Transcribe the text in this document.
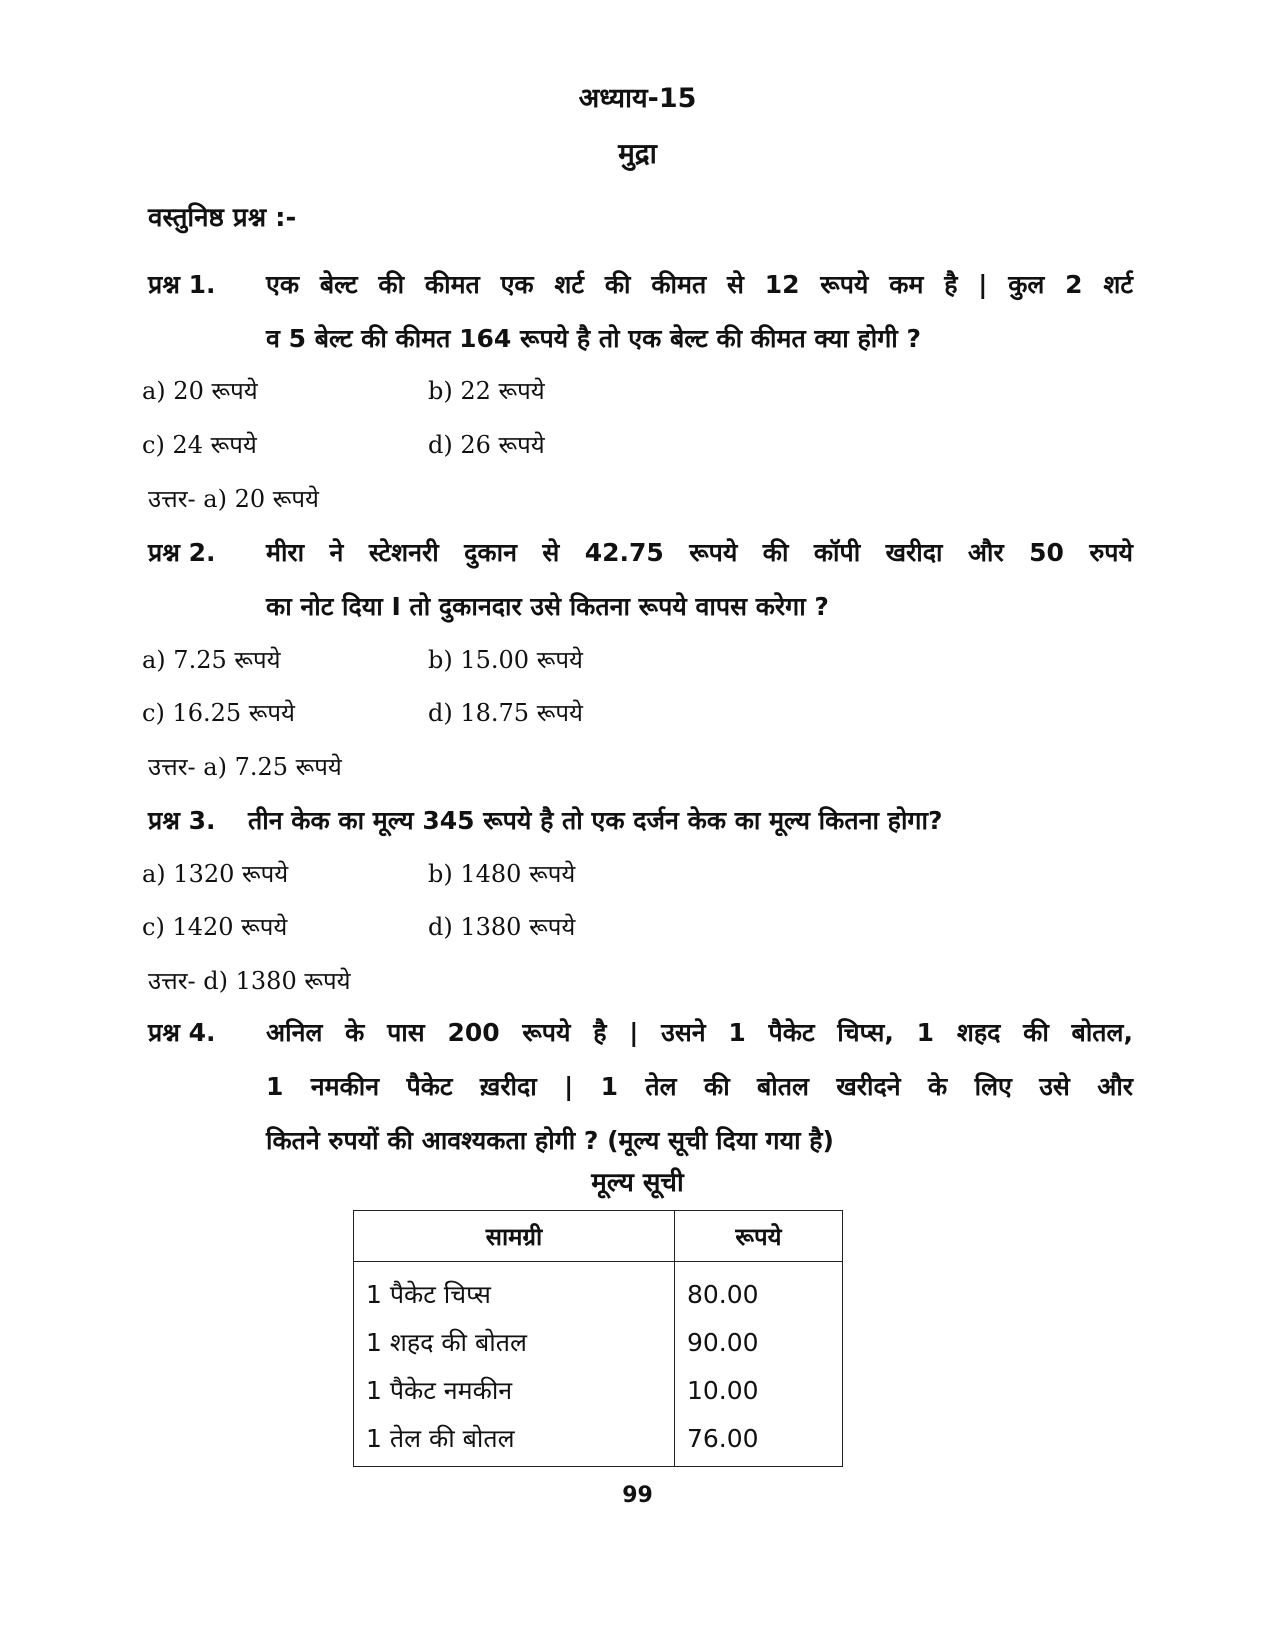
अध्याय-15
मुद्रा
वस्तुनिष्ठ प्रश्न :-
प्रश्न 1. एक बेल्ट की कीमत एक शर्ट की कीमत से 12 रूपये कम है | कुल 2 शर्ट
व 5 बेल्ट की कीमत 164 रूपये है तो एक बेल्ट की कीमत क्या होगी ?
a) 20 रूपये	b) 22 रूपये
c) 24 रूपये	d) 26 रूपये
उत्तर- a) 20 रूपये
प्रश्न 2. मीरा ने स्टेशनरी दुकान से 42.75 रूपये की कॉपी खरीदा और 50 रुपये
का नोट दिया I तो दुकानदार उसे कितना रूपये वापस करेगा ?
a) 7.25 रूपये	b) 15.00 रूपये
c) 16.25 रूपये	d) 18.75 रूपये
उत्तर- a) 7.25 रूपये
प्रश्न 3. तीन केक का मूल्य 345 रूपये है तो एक दर्जन केक का मूल्य कितना होगा?
a) 1320 रूपये	b) 1480 रूपये
c) 1420 रूपये	d) 1380 रूपये
उत्तर- d) 1380 रूपये
प्रश्न 4. अनिल के पास 200 रूपये है | उसने 1 पैकेट चिप्स, 1 शहद की बोतल,
1 नमकीन पैकेट ख़रीदा | 1 तेल की बोतल खरीदने के लिए उसे और
कितने रुपयों की आवश्यकता होगी ? (मूल्य सूची दिया गया है)
मूल्य सूची
सामग्री	रूपये
1 पैकेट चिप्स	80.00
1 शहद की बोतल	90.00
1 पैकेट नमकीन	10.00
1 तेल की बोतल	76.00
99
